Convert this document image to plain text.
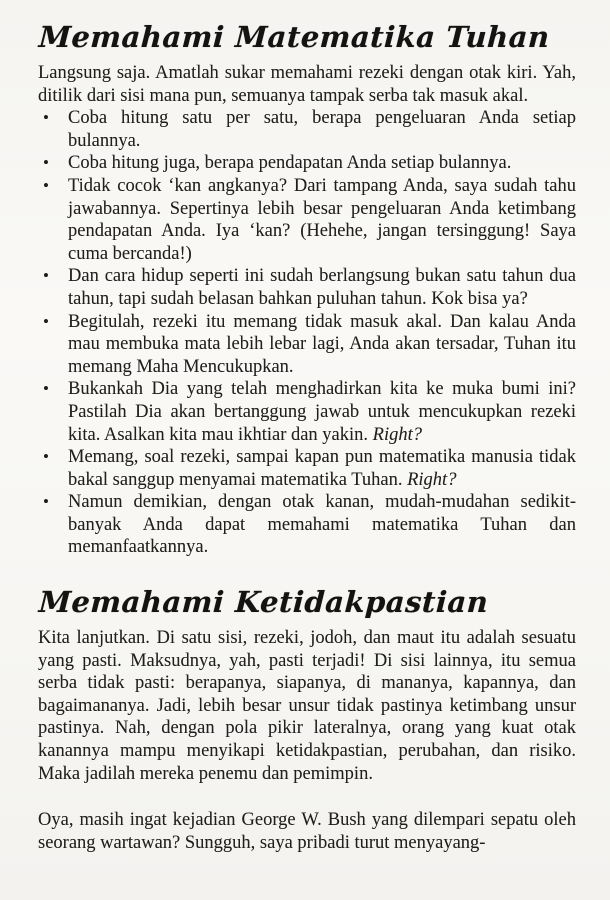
Memahami Matematika Tuhan

Langsung saja. Amatlah sukar memahami rezeki dengan otak kiri. Yah, ditilik dari sisi mana pun, semuanya tampak serba tak masuk akal.

• Coba hitung satu per satu, berapa pengeluaran Anda setiap bulannya.
• Coba hitung juga, berapa pendapatan Anda setiap bulannya.
• Tidak cocok ‘kan angkanya? Dari tampang Anda, saya sudah tahu jawabannya. Sepertinya lebih besar pengeluaran Anda ketimbang pendapatan Anda. Iya ‘kan? (Hehehe, jangan tersinggung! Saya cuma bercanda!)
• Dan cara hidup seperti ini sudah berlangsung bukan satu tahun dua tahun, tapi sudah belasan bahkan puluhan tahun. Kok bisa ya?
• Begitulah, rezeki itu memang tidak masuk akal. Dan kalau Anda mau membuka mata lebih lebar lagi, Anda akan tersadar, Tuhan itu memang Maha Mencukupkan.
• Bukankah Dia yang telah menghadirkan kita ke muka bumi ini? Pastilah Dia akan bertanggung jawab untuk mencukupkan rezeki kita. Asalkan kita mau ikhtiar dan yakin. Right?
• Memang, soal rezeki, sampai kapan pun matematika manusia tidak bakal sanggup menyamai matematika Tuhan. Right?
• Namun demikian, dengan otak kanan, mudah-mudahan sedikit-banyak Anda dapat memahami matematika Tuhan dan memanfaatkannya.
Memahami Ketidakpastian

Kita lanjutkan. Di satu sisi, rezeki, jodoh, dan maut itu adalah sesuatu yang pasti. Maksudnya, yah, pasti terjadi! Di sisi lainnya, itu semua serba tidak pasti: berapanya, siapanya, di mananya, kapannya, dan bagaimananya. Jadi, lebih besar unsur tidak pastinya ketimbang unsur pastinya. Nah, dengan pola pikir lateralnya, orang yang kuat otak kanannya mampu menyikapi ketidakpastian, perubahan, dan risiko. Maka jadilah mereka penemu dan pemimpin.

Oya, masih ingat kejadian George W. Bush yang dilempari sepatu oleh seorang wartawan? Sungguh, saya pribadi turut menyayang-
